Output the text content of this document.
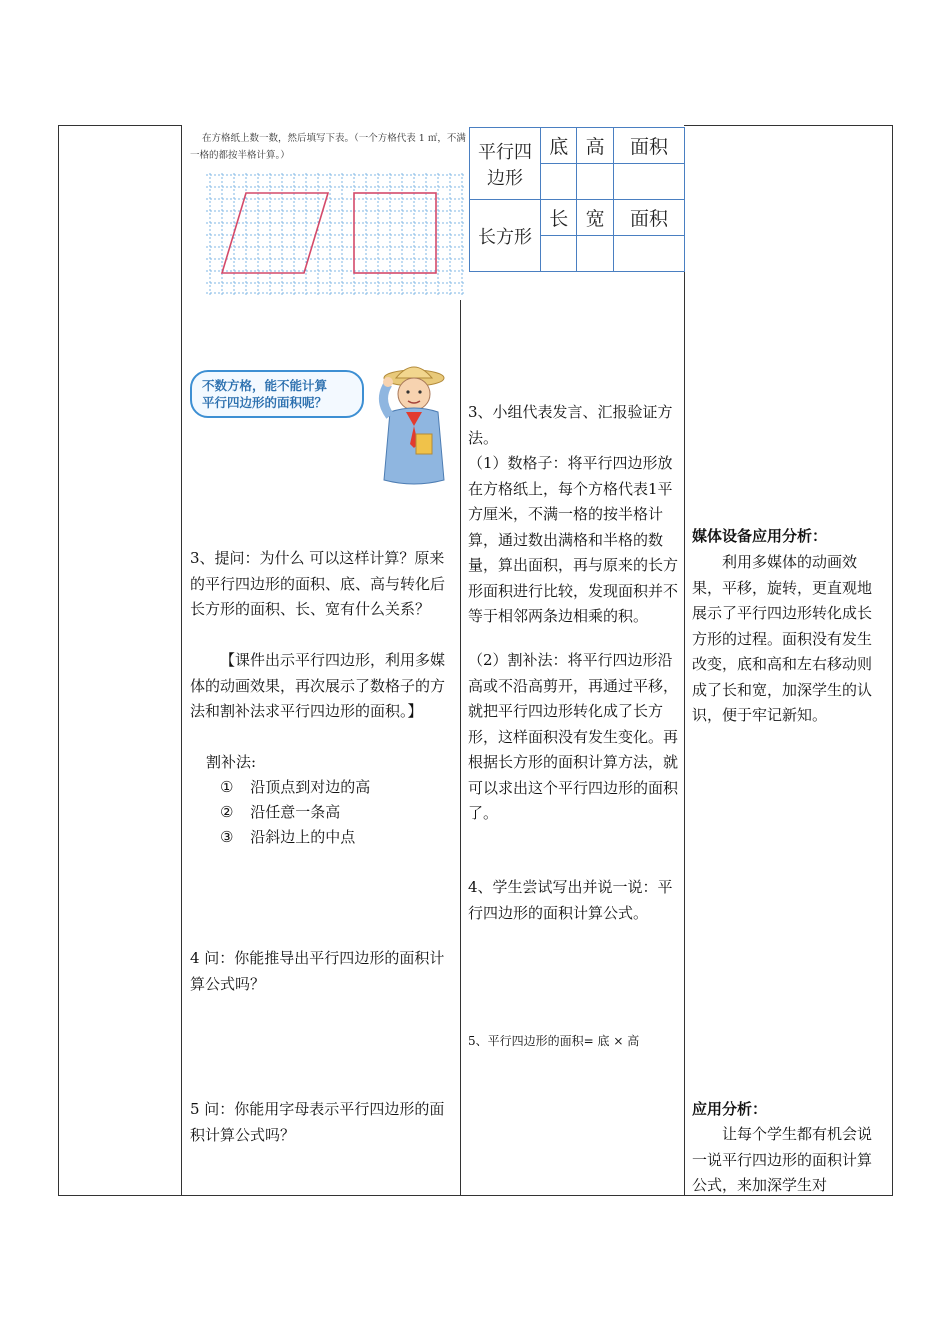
在方格纸上数一数，然后填写下表。（一个方格代表 1 ㎡，不满
一格的都按半格计算。）	平行四边形	底	高	面积

长方形	长	宽	面积

不数方格，能不能计算
平行四边形的面积呢？
3、提问：为什么 可以这样计算？原来的平行四边形的面积、底、高与转化后长方形的面积、长、宽有什么关系？
【课件出示平行四边形，利用多媒体的动画效果，再次展示了数格子的方法和割补法求平行四边形的面积。】
割补法:
① 沿顶点到对边的高
② 沿任意一条高
③ 沿斜边上的中点
4 问：你能推导出平行四边形的面积计算公式吗？
5 问：你能用字母表示平行四边形的面积计算公式吗？
3、小组代表发言、汇报验证方法。
（1）数格子：将平行四边形放在方格纸上，每个方格代表1平方厘米，不满一格的按半格计算，通过数出满格和半格的数量，算出面积，再与原来的长方形面积进行比较，发现面积并不等于相邻两条边相乘的积。
（2）割补法：将平行四边形沿高或不沿高剪开，再通过平移，就把平行四边形转化成了长方形，这样面积没有发生变化。再根据长方形的面积计算方法，就可以求出这个平行四边形的面积了。
4、学生尝试写出并说一说：平行四边形的面积计算公式。
5、平行四边形的面积= 底 × 高
媒体设备应用分析：
利用多媒体的动画效果，平移，旋转，更直观地展示了平行四边形转化成长方形的过程。面积没有发生改变，底和高和左右移动则成了长和宽，加深学生的认识，便于牢记新知。
应用分析：
让每个学生都有机会说一说平行四边形的面积计算公式，来加深学生对
